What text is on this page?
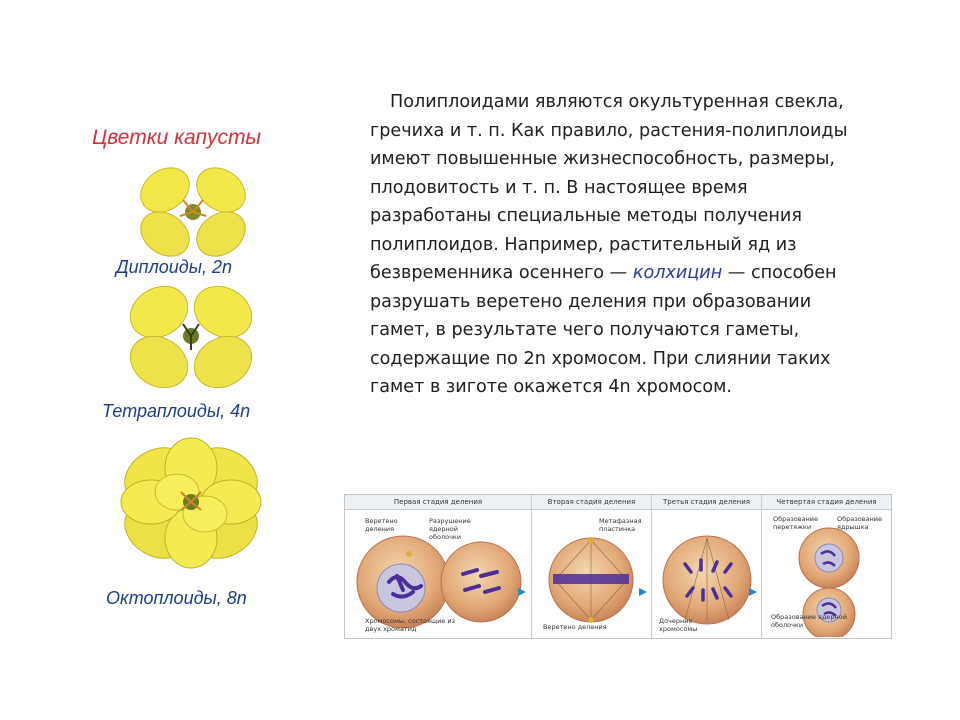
Цветки капусты
Диплоиды, 2n
Тетраплоиды, 4n
Октоплоиды, 8n
Полиплоидами являются окультуренная свекла, гречиха и т. п. Как правило, растения-полиплоиды имеют повышенные жизнеспособность, размеры, плодовитость и т. п. В настоящее время разработаны специальные методы получения полиплоидов. Например, растительный яд из безвременника осеннего — колхицин — способен разрушать веретено деления при образовании гамет, в результате чего получаются гаметы, содержащие по 2n хромосом. При слиянии таких гамет в зиготе окажется 4n хромосом.
Первая стадия деления	Вторая стадия деления	Третья стадия деления	Четвертая стадия деления
Веретено деления
Разрушение ядерной оболочки
Хромосомы, состоящие из двух хроматид
Метафазная пластинка
Веретено деления
Дочерние хромосомы
Образование перетяжки
Образование ядрышка
Образование ядерной оболочки
